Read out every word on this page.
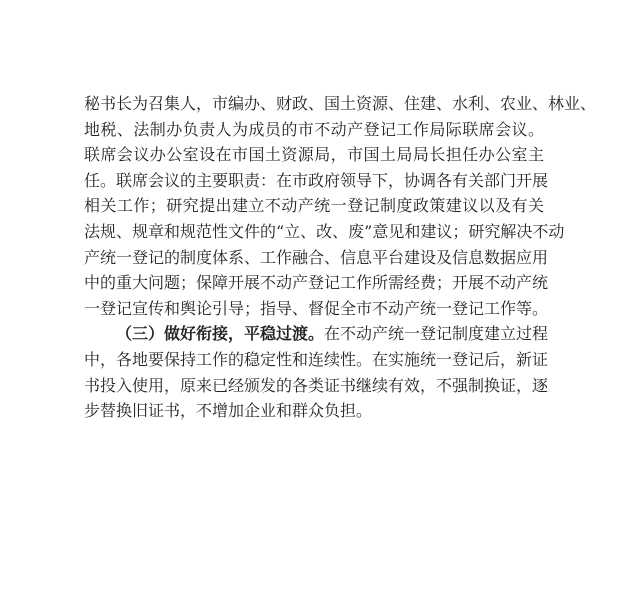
秘书长为召集人，市编办、财政、国土资源、住建、水利、农业、林业、
地税、法制办负责人为成员的市不动产登记工作局际联席会议。
联席会议办公室设在市国土资源局，市国土局局长担任办公室主
任。联席会议的主要职责：在市政府领导下，协调各有关部门开展
相关工作；研究提出建立不动产统一登记制度政策建议以及有关
法规、规章和规范性文件的“立、改、废”意见和建议；研究解决不动
产统一登记的制度体系、工作融合、信息平台建设及信息数据应用
中的重大问题；保障开展不动产登记工作所需经费；开展不动产统
一登记宣传和舆论引导；指导、督促全市不动产统一登记工作等。
（三）做好衔接，平稳过渡。在不动产统一登记制度建立过程
中，各地要保持工作的稳定性和连续性。在实施统一登记后，新证
书投入使用，原来已经颁发的各类证书继续有效，不强制换证，逐
步替换旧证书，不增加企业和群众负担。
